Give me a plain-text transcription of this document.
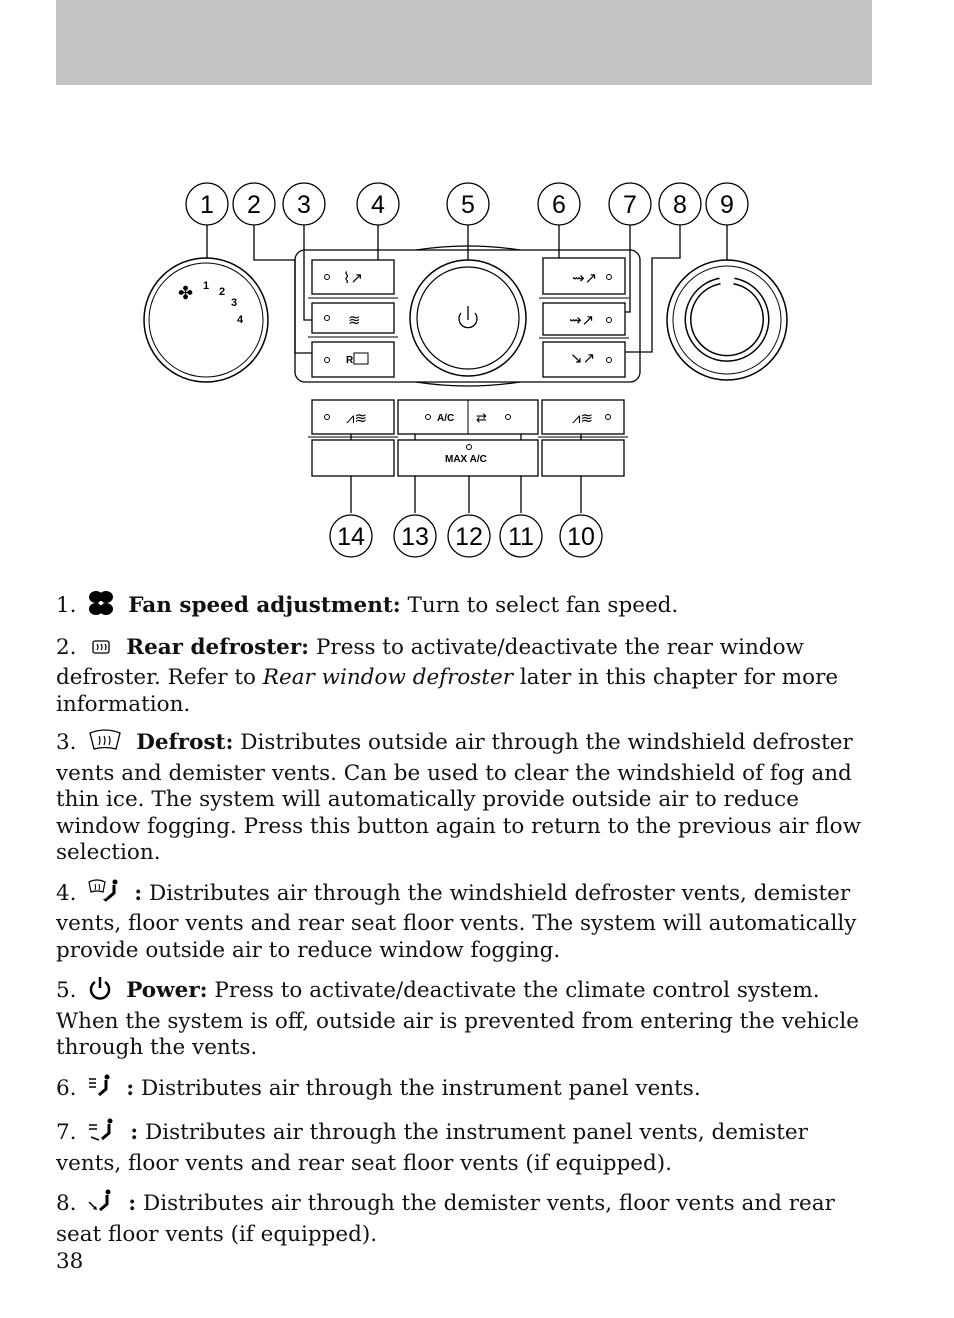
1 2 3 4	5	6 7 8 9
14 13 12 11 10
✤ 1 2
3
4
⌇↗
≋
R
⇝↗
⇝↗
↘↗
⩘≋	A/C ⇄
MAX A/C
⩘≋
1. Fan speed adjustment: Turn to select fan speed.
2. Rear defroster: Press to activate/deactivate the rear window defroster. Refer to Rear window defroster later in this chapter for more information.
3.	Defrost: Distributes outside air through the windshield defroster vents and demister vents. Can be used to clear the windshield of fog and thin ice. The system will automatically provide outside air to reduce window fogging. Press this button again to return to the previous air flow selection.
4.	: Distributes air through the windshield defroster vents, demister vents, floor vents and rear seat floor vents. The system will automatically provide outside air to reduce window fogging.
5. Power: Press to activate/deactivate the climate control system. When the system is off, outside air is prevented from entering the vehicle through the vents.
6. : Distributes air through the instrument panel vents.
7. : Distributes air through the instrument panel vents, demister vents, floor vents and rear seat floor vents (if equipped).
8. : Distributes air through the demister vents, floor vents and rear seat floor vents (if equipped).
38
